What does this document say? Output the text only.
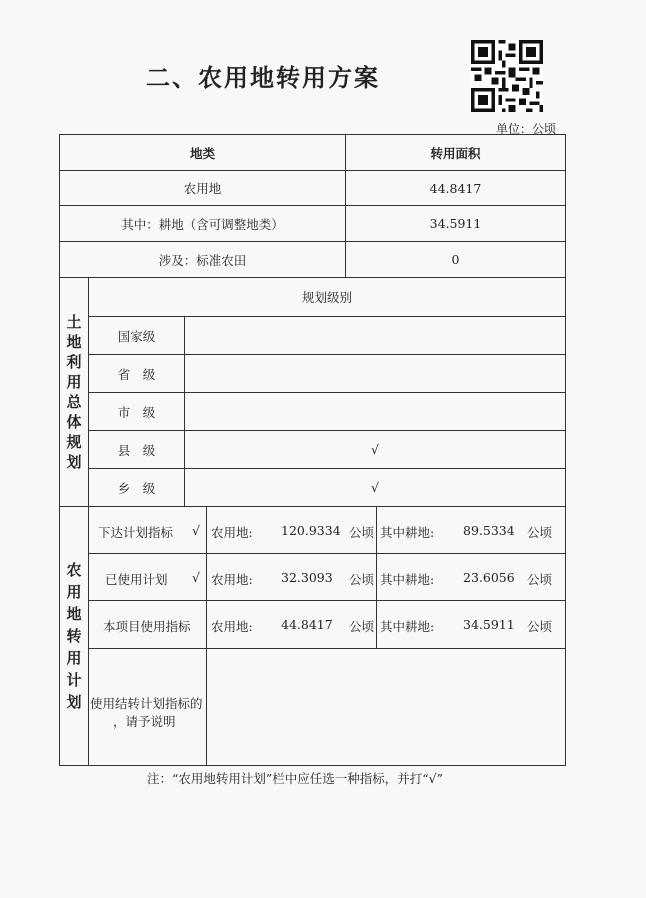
二、农用地转用方案
单位：公顷
地类	转用面积
农用地	44.8417
其中：耕地（含可调整地类）	34.5911
涉及：标准农田	0
土
地
利
用
总
体
规
划
规划级别
国家级
省　级
市　级
县　级	√
乡　级	√
农
用
地
转
用
计
划
下达计划指标 √ 农用地: 120.9334 公顷 其中耕地: 89.5334 公顷
已使用计划 √ 农用地: 32.3093 公顷 其中耕地: 23.6056 公顷
本项目使用指标 农用地: 44.8417 公顷 其中耕地: 34.5911 公顷
使用结转计划指标的
，请予说明
注：“农用地转用计划”栏中应任选一种指标，并打“√”
